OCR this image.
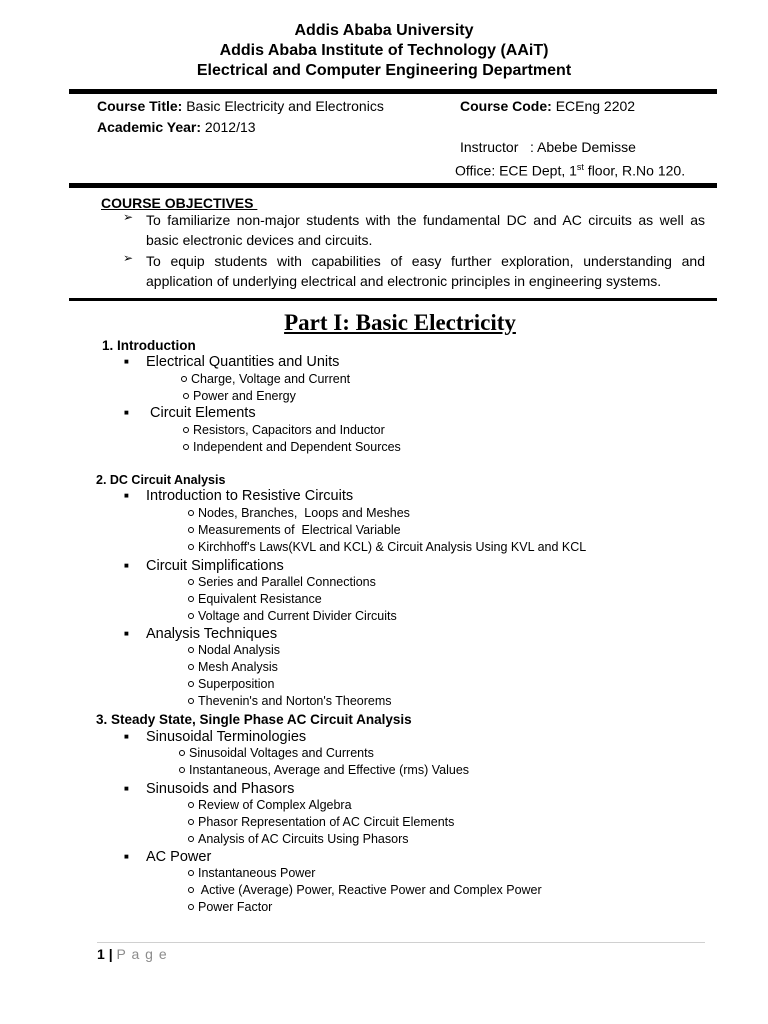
Addis Ababa University
Addis Ababa Institute of Technology (AAiT)
Electrical and Computer Engineering Department
Course Title: Basic Electricity and Electronics	Course Code: ECEng 2202
Academic Year: 2012/13
Instructor   : Abebe Demisse
Office: ECE Dept, 1st floor, R.No 120.
COURSE OBJECTIVES
➢ To familiarize non-major students with the fundamental DC and AC circuits as well as basic electronic devices and circuits.
➢ To equip students with capabilities of easy further exploration, understanding and application of underlying electrical and electronic principles in engineering systems.
Part I: Basic Electricity
1. Introduction
■ Electrical Quantities and Units
Charge, Voltage and Current
Power and Energy
■ Circuit Elements
Resistors, Capacitors and Inductor
Independent and Dependent Sources
2. DC Circuit Analysis
■ Introduction to Resistive Circuits
Nodes, Branches,  Loops and Meshes
Measurements of  Electrical Variable
Kirchhoff's Laws(KVL and KCL) & Circuit Analysis Using KVL and KCL
■ Circuit Simplifications
Series and Parallel Connections
Equivalent Resistance
Voltage and Current Divider Circuits
■ Analysis Techniques
Nodal Analysis
Mesh Analysis
Superposition
Thevenin's and Norton's Theorems
3. Steady State, Single Phase AC Circuit Analysis
■ Sinusoidal Terminologies
Sinusoidal Voltages and Currents
Instantaneous, Average and Effective (rms) Values
■ Sinusoids and Phasors
Review of Complex Algebra
Phasor Representation of AC Circuit Elements
Analysis of AC Circuits Using Phasors
■ AC Power
Instantaneous Power
Active (Average) Power, Reactive Power and Complex Power
Power Factor
1 | P a g e
